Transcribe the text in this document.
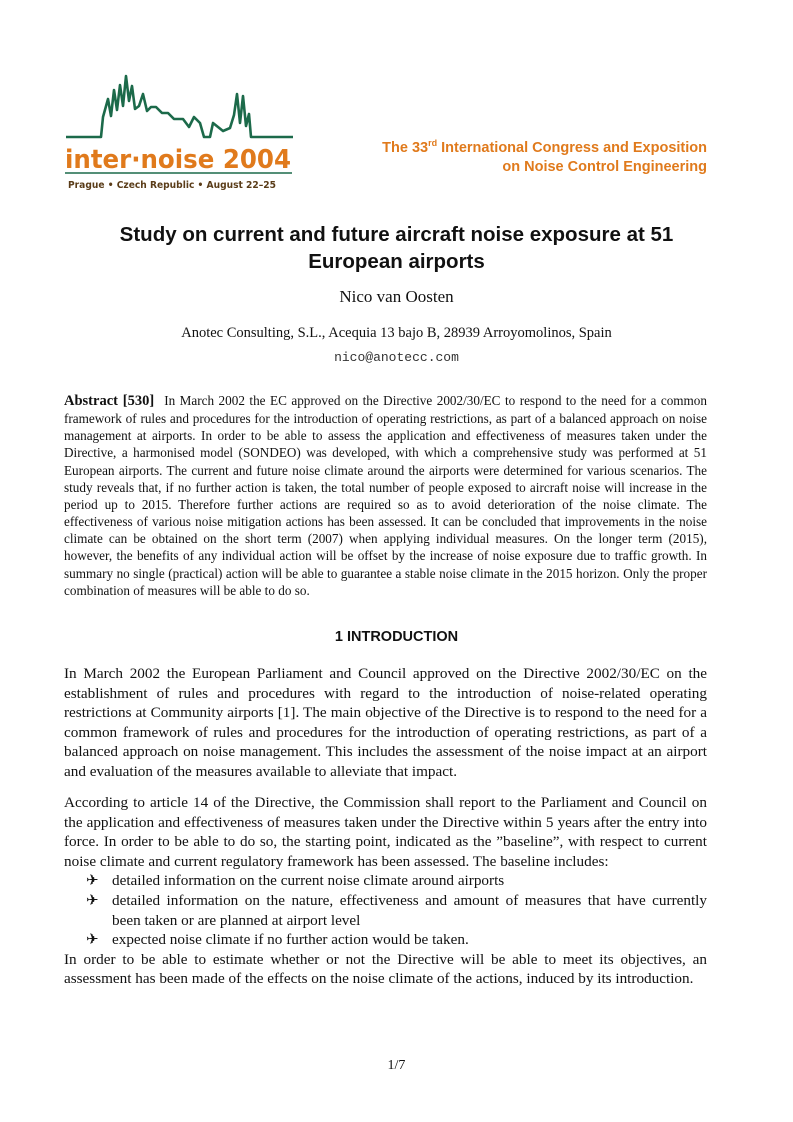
inter·noise 2004
Prague • Czech Republic • August 22–25
The 33rd International Congress and Exposition
on Noise Control Engineering
Study on current and future aircraft noise exposure at 51
European airports
Nico van Oosten
Anotec Consulting, S.L., Acequia 13 bajo B, 28939 Arroyomolinos, Spain
nico@anotecc.com
Abstract [530] In March 2002 the EC approved on the Directive 2002/30/EC to respond to the need for a common framework of rules and procedures for the introduction of operating restrictions, as part of a balanced approach on noise management at airports. In order to be able to assess the application and effectiveness of measures taken under the Directive, a harmonised model (SONDEO) was developed, with which a comprehensive study was performed at 51 European airports. The current and future noise climate around the airports were determined for various scenarios. The study reveals that, if no further action is taken, the total number of people exposed to aircraft noise will increase in the period up to 2015. Therefore further actions are required so as to avoid deterioration of the noise climate. The effectiveness of various noise mitigation actions has been assessed. It can be concluded that improvements in the noise climate can be obtained on the short term (2007) when applying individual measures. On the longer term (2015), however, the benefits of any individual action will be offset by the increase of noise exposure due to traffic growth. In summary no single (practical) action will be able to guarantee a stable noise climate in the 2015 horizon. Only the proper combination of measures will be able to do so.
1 INTRODUCTION

In March 2002 the European Parliament and Council approved on the Directive 2002/30/EC on the establishment of rules and procedures with regard to the introduction of noise-related operating restrictions at Community airports [1]. The main objective of the Directive is to respond to the need for a common framework of rules and procedures for the introduction of operating restrictions, as part of a balanced approach on noise management. This includes the assessment of the noise impact at an airport and evaluation of the measures available to alleviate that impact.

According to article 14 of the Directive, the Commission shall report to the Parliament and Council on the application and effectiveness of measures taken under the Directive within 5 years after the entry into force. In order to be able to do so, the starting point, indicated as the ”baseline”, with respect to current noise climate and current regulatory framework has been assessed. The baseline includes:

✈ detailed information on the current noise climate around airports
✈ detailed information on the nature, effectiveness and amount of measures that have currently been taken or are planned at airport level
✈ expected noise climate if no further action would be taken.

In order to be able to estimate whether or not the Directive will be able to meet its objectives, an assessment has been made of the effects on the noise climate of the actions, induced by its introduction.

1/7
